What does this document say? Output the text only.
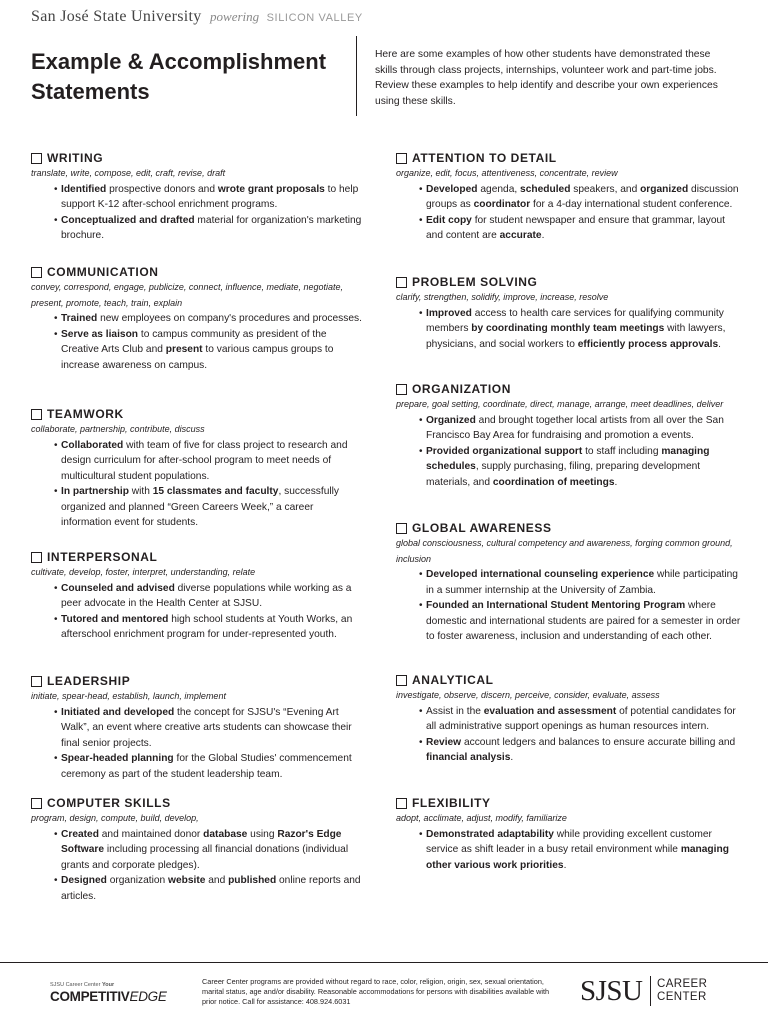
San José State University powering SILICON VALLEY
Example & Accomplishment
Statements

Here are some examples of how other students have demonstrated these skills through class projects, internships, volunteer work and part-time jobs. Review these examples to help identify and describe your own experiences using these skills.

WRITING
translate, write, compose, edit, craft, revise, draft
• Identified prospective donors and wrote grant proposals to help support K-12 after-school enrichment programs.
• Conceptualized and drafted material for organization's marketing brochure.
COMMUNICATION
convey, correspond, engage, publicize, connect, influence, mediate, negotiate, present, promote, teach, train, explain
• Trained new employees on company's procedures and processes.
• Serve as liaison to campus community as president of the Creative Arts Club and present to various campus groups to increase awareness on campus.
TEAMWORK
collaborate, partnership, contribute, discuss
• Collaborated with team of five for class project to research and design curriculum for after-school program to meet needs of multicultural student populations.
• In partnership with 15 classmates and faculty, successfully organized and planned “Green Careers Week,” a career information event for students.
INTERPERSONAL
cultivate, develop, foster, interpret, understanding, relate
• Counseled and advised diverse populations while working as a peer advocate in the Health Center at SJSU.
• Tutored and mentored high school students at Youth Works, an afterschool enrichment program for under-represented youth.
LEADERSHIP
initiate, spear-head, establish, launch, implement
• Initiated and developed the concept for SJSU's “Evening Art Walk”, an event where creative arts students can showcase their final senior projects.
• Spear-headed planning for the Global Studies' commencement ceremony as part of the student leadership team.
COMPUTER SKILLS
program, design, compute, build, develop,
• Created and maintained donor database using Razor's Edge Software including processing all financial donations (individual grants and corporate pledges).
• Designed organization website and published online reports and articles.
ATTENTION TO DETAIL
organize, edit, focus, attentiveness, concentrate, review
• Developed agenda, scheduled speakers, and organized discussion groups as coordinator for a 4-day international student conference.
• Edit copy for student newspaper and ensure that grammar, layout and content are accurate.
PROBLEM SOLVING
clarify, strengthen, solidify, improve, increase, resolve
• Improved access to health care services for qualifying community members by coordinating monthly team meetings with lawyers, physicians, and social workers to efficiently process approvals.
ORGANIZATION
prepare, goal setting, coordinate, direct, manage, arrange, meet deadlines, deliver
• Organized and brought together local artists from all over the San Francisco Bay Area for fundraising and promotion a events.
• Provided organizational support to staff including managing schedules, supply purchasing, filing, preparing development materials, and coordination of meetings.
GLOBAL AWARENESS
global consciousness, cultural competency and awareness, forging common ground, inclusion
• Developed international counseling experience while participating in a summer internship at the University of Zambia.
• Founded an International Student Mentoring Program where domestic and international students are paired for a semester in order to foster awareness, inclusion and understanding of each other.
ANALYTICAL
investigate, observe, discern, perceive, consider, evaluate, assess
• Assist in the evaluation and assessment of potential candidates for all administrative support openings as human resources intern.
• Review account ledgers and balances to ensure accurate billing and financial analysis.
FLEXIBILITY
adopt, acclimate, adjust, modify, familiarize
• Demonstrated adaptability while providing excellent customer service as shift leader in a busy retail environment while managing other various work priorities.
SJSU Career Center Your
COMPETITIVEDGE

Career Center programs are provided without regard to race, color, religion, origin, sex, sexual orientation, marital status, age and/or disability. Reasonable accommodations for persons with disabilities available with prior notice. Call for assistance: 408.924.6031	SJSU CAREER
CENTER
